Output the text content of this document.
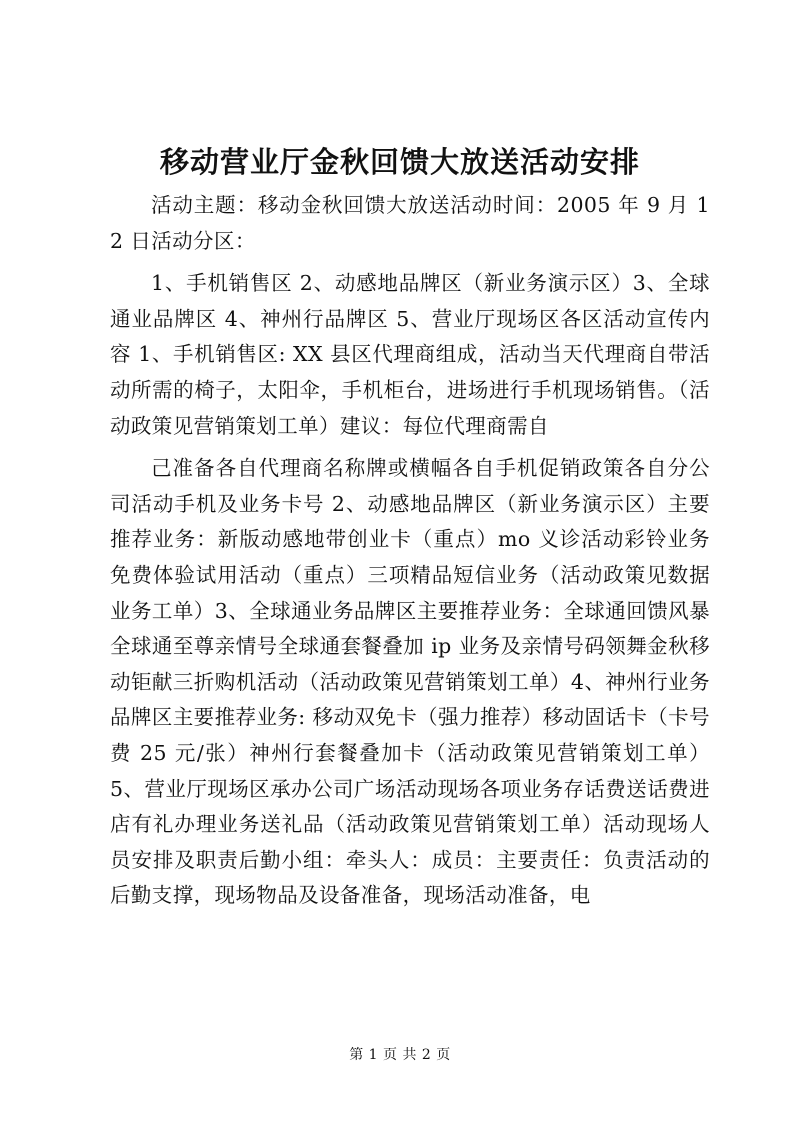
移动营业厅金秋回馈大放送活动安排

活动主题：移动金秋回馈大放送活动时间：2005 年 9 月 12 日活动分区：

1、手机销售区 2、动感地品牌区（新业务演示区）3、全球通业品牌区 4、神州行品牌区 5、营业厅现场区各区活动宣传内容 1、手机销售区: XX 县区代理商组成，活动当天代理商自带活动所需的椅子，太阳伞，手机柜台，进场进行手机现场销售。（活动政策见营销策划工单）建议：每位代理商需自

己准备各自代理商名称牌或横幅各自手机促销政策各自分公司活动手机及业务卡号 2、动感地品牌区（新业务演示区）主要推荐业务：新版动感地带创业卡（重点）mo 义诊活动彩铃业务免费体验试用活动（重点）三项精品短信业务（活动政策见数据业务工单）3、全球通业务品牌区主要推荐业务：全球通回馈风暴全球通至尊亲情号全球通套餐叠加 ip 业务及亲情号码领舞金秋移动钜献三折购机活动（活动政策见营销策划工单）4、神州行业务品牌区主要推荐业务: 移动双免卡（强力推荐）移动固话卡（卡号费 25 元/张）神州行套餐叠加卡（活动政策见营销策划工单）5、营业厅现场区承办公司广场活动现场各项业务存话费送话费进店有礼办理业务送礼品（活动政策见营销策划工单）活动现场人员安排及职责后勤小组：牵头人：成员：主要责任：负责活动的后勤支撑，现场物品及设备准备，现场活动准备，电

第 1 页 共 2 页
